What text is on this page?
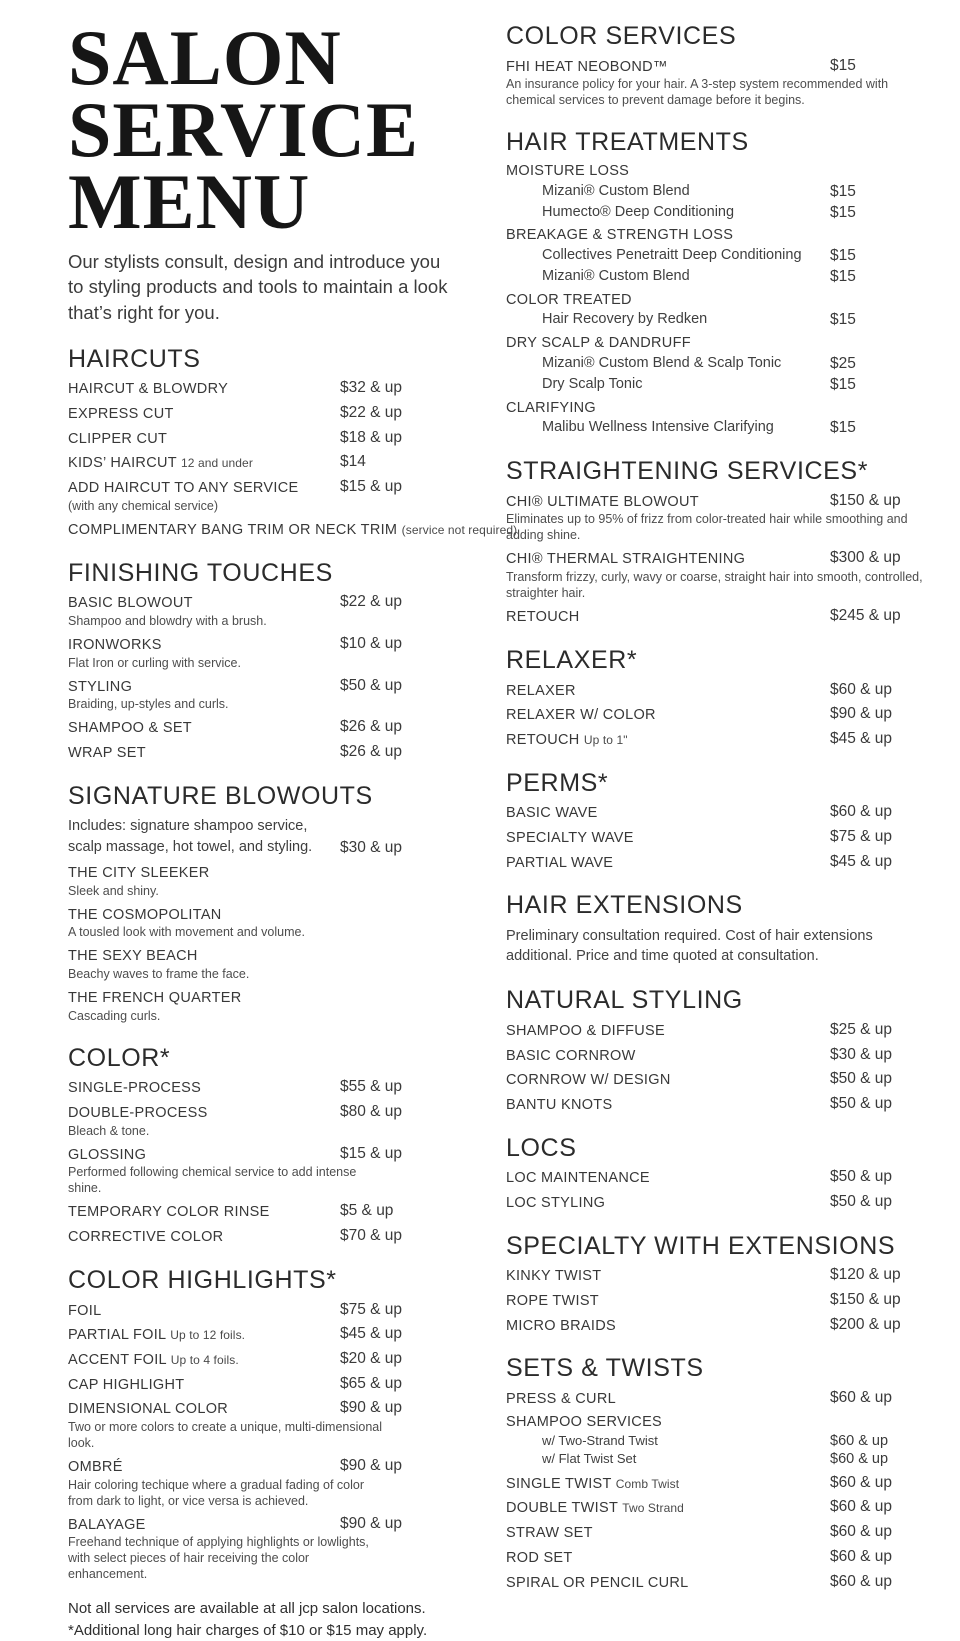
SALON
SERVICE
MENU
Our stylists consult, design and introduce you to styling products and tools to maintain a look that’s right for you.
HAIRCUTS
HAIRCUT & BLOWDRY	$32 & up
EXPRESS CUT	$22 & up
CLIPPER CUT	$18 & up
KIDS’ HAIRCUT 12 and under	$14
ADD HAIRCUT TO ANY SERVICE	$15 & up
(with any chemical service)
COMPLIMENTARY BANG TRIM OR NECK TRIM (service not required)
FINISHING TOUCHES
BASIC BLOWOUT	$22 & up
Shampoo and blowdry with a brush.
IRONWORKS	$10 & up
Flat Iron or curling with service.
STYLING	$50 & up
Braiding, up-styles and curls.
SHAMPOO & SET	$26 & up
WRAP SET	$26 & up
SIGNATURE BLOWOUTS
Includes: signature shampoo service,
scalp massage, hot towel, and styling.	$30 & up
THE CITY SLEEKER
Sleek and shiny.
THE COSMOPOLITAN
A tousled look with movement and volume.
THE SEXY BEACH
Beachy waves to frame the face.
THE FRENCH QUARTER
Cascading curls.
COLOR*
SINGLE-PROCESS	$55 & up
DOUBLE-PROCESS	$80 & up
Bleach & tone.
GLOSSING	$15 & up
Performed following chemical service to add intense shine.
TEMPORARY COLOR RINSE	$5 & up
CORRECTIVE COLOR	$70 & up
COLOR HIGHLIGHTS*
FOIL	$75 & up
PARTIAL FOIL Up to 12 foils.	$45 & up
ACCENT FOIL Up to 4 foils.	$20 & up
CAP HIGHLIGHT	$65 & up
DIMENSIONAL COLOR	$90 & up
Two or more colors to create a unique, multi-dimensional look.
OMBRÉ	$90 & up
Hair coloring techique where a gradual fading of color from dark to light, or vice versa is achieved.
BALAYAGE	$90 & up
Freehand technique of applying highlights or lowlights, with select pieces of hair receiving the color enhancement.
Not all services are available at all jcp salon locations.
*Additional long hair charges of $10 or $15 may apply.
COLOR SERVICES
FHI HEAT NEOBOND™	$15
An insurance policy for your hair. A 3-step system recommended with chemical services to prevent damage before it begins.
HAIR TREATMENTS
MOISTURE LOSS
Mizani® Custom Blend	$15
Humecto® Deep Conditioning	$15
BREAKAGE & STRENGTH LOSS
Collectives Penetraitt Deep Conditioning	$15
Mizani® Custom Blend	$15
COLOR TREATED
Hair Recovery by Redken	$15
DRY SCALP & DANDRUFF
Mizani® Custom Blend & Scalp Tonic	$25
Dry Scalp Tonic	$15
CLARIFYING
Malibu Wellness Intensive Clarifying	$15
STRAIGHTENING SERVICES*
CHI® ULTIMATE BLOWOUT	$150 & up
Eliminates up to 95% of frizz from color-treated hair while smoothing and adding shine.
CHI® THERMAL STRAIGHTENING	$300 & up
Transform frizzy, curly, wavy or coarse, straight hair into smooth, controlled, straighter hair.
RETOUCH	$245 & up
RELAXER*
RELAXER	$60 & up
RELAXER W/ COLOR	$90 & up
RETOUCH Up to 1"	$45 & up
PERMS*
BASIC WAVE	$60 & up
SPECIALTY WAVE	$75 & up
PARTIAL WAVE	$45 & up
HAIR EXTENSIONS
Preliminary consultation required. Cost of hair extensions additional. Price and time quoted at consultation.
NATURAL STYLING
SHAMPOO & DIFFUSE	$25 & up
BASIC CORNROW	$30 & up
CORNROW W/ DESIGN	$50 & up
BANTU KNOTS	$50 & up
LOCS
LOC MAINTENANCE	$50 & up
LOC STYLING	$50 & up
SPECIALTY WITH EXTENSIONS
KINKY TWIST	$120 & up
ROPE TWIST	$150 & up
MICRO BRAIDS	$200 & up
SETS & TWISTS
PRESS & CURL	$60 & up
SHAMPOO SERVICES
w/ Two-Strand Twist	$60 & up
w/ Flat Twist Set	$60 & up
SINGLE TWIST Comb Twist	$60 & up
DOUBLE TWIST Two Strand	$60 & up
STRAW SET	$60 & up
ROD SET	$60 & up
SPIRAL OR PENCIL CURL	$60 & up
